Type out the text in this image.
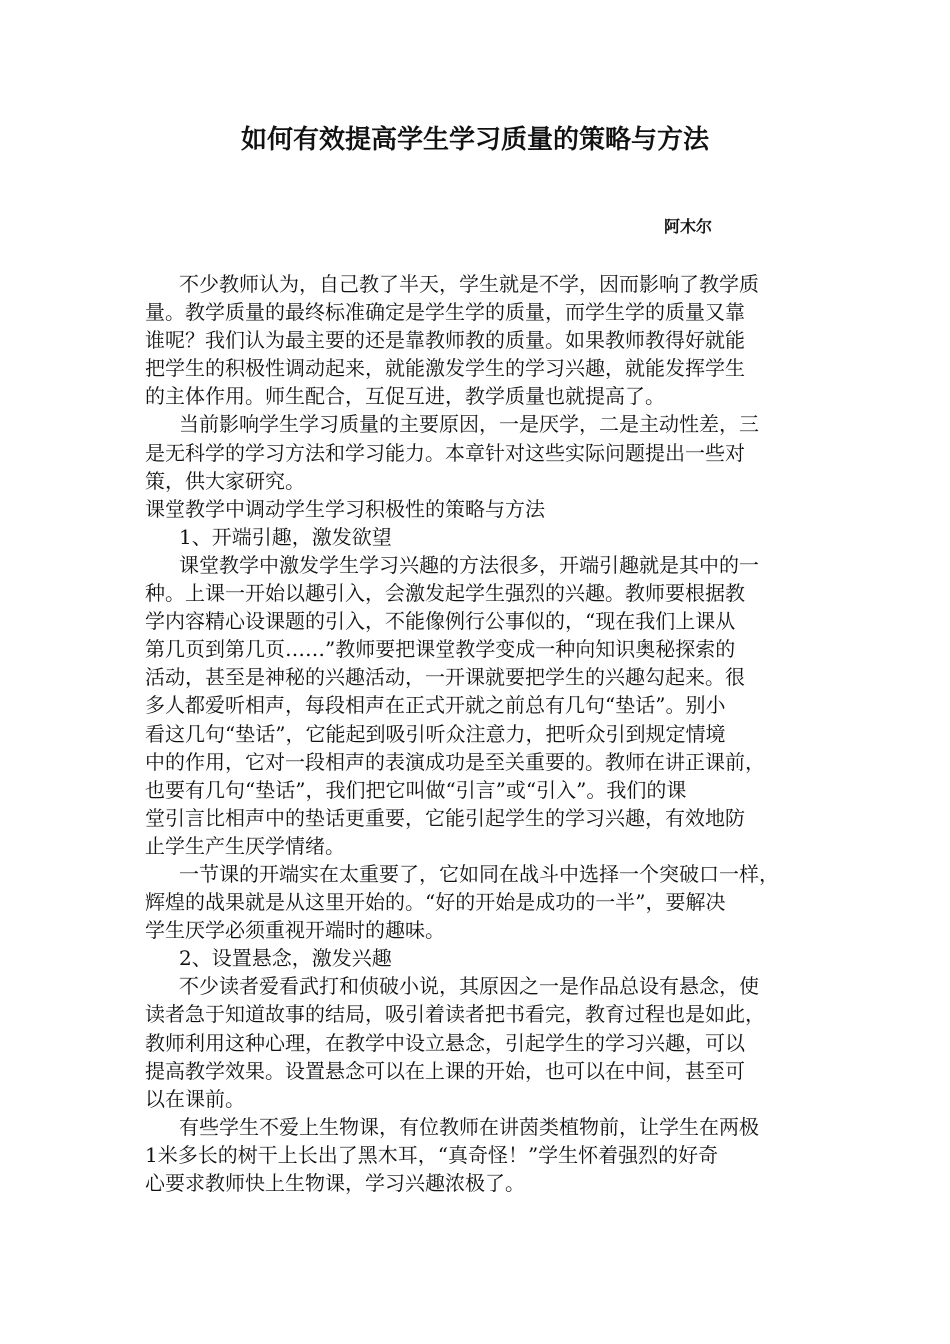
如何有效提高学生学习质量的策略与方法
阿木尔
不少教师认为，自己教了半天，学生就是不学，因而影响了教学质
量。教学质量的最终标准确定是学生学的质量，而学生学的质量又靠
谁呢？我们认为最主要的还是靠教师教的质量。如果教师教得好就能
把学生的积极性调动起来，就能激发学生的学习兴趣，就能发挥学生
的主体作用。师生配合，互促互进，教学质量也就提高了。
当前影响学生学习质量的主要原因，一是厌学，二是主动性差，三
是无科学的学习方法和学习能力。本章针对这些实际问题提出一些对
策，供大家研究。
课堂教学中调动学生学习积极性的策略与方法
1、开端引趣，激发欲望
课堂教学中激发学生学习兴趣的方法很多，开端引趣就是其中的一
种。上课一开始以趣引入，会激发起学生强烈的兴趣。教师要根据教
学内容精心设课题的引入，不能像例行公事似的，“现在我们上课从
第几页到第几页……”教师要把课堂教学变成一种向知识奥秘探索的
活动，甚至是神秘的兴趣活动，一开课就要把学生的兴趣勾起来。很
多人都爱听相声，每段相声在正式开就之前总有几句“垫话”。别小
看这几句“垫话”，它能起到吸引听众注意力，把听众引到规定情境
中的作用，它对一段相声的表演成功是至关重要的。教师在讲正课前，
也要有几句“垫话”，我们把它叫做“引言”或“引入”。我们的课
堂引言比相声中的垫话更重要，它能引起学生的学习兴趣，有效地防
止学生产生厌学情绪。
一节课的开端实在太重要了，它如同在战斗中选择一个突破口一样，
辉煌的战果就是从这里开始的。“好的开始是成功的一半”，要解决
学生厌学必须重视开端时的趣味。
2、设置悬念，激发兴趣
不少读者爱看武打和侦破小说，其原因之一是作品总设有悬念，使
读者急于知道故事的结局，吸引着读者把书看完，教育过程也是如此，
教师利用这种心理，在教学中设立悬念，引起学生的学习兴趣，可以
提高教学效果。设置悬念可以在上课的开始，也可以在中间，甚至可
以在课前。
有些学生不爱上生物课，有位教师在讲茵类植物前，让学生在两极
1米多长的树干上长出了黑木耳，“真奇怪！”学生怀着强烈的好奇
心要求教师快上生物课，学习兴趣浓极了。
